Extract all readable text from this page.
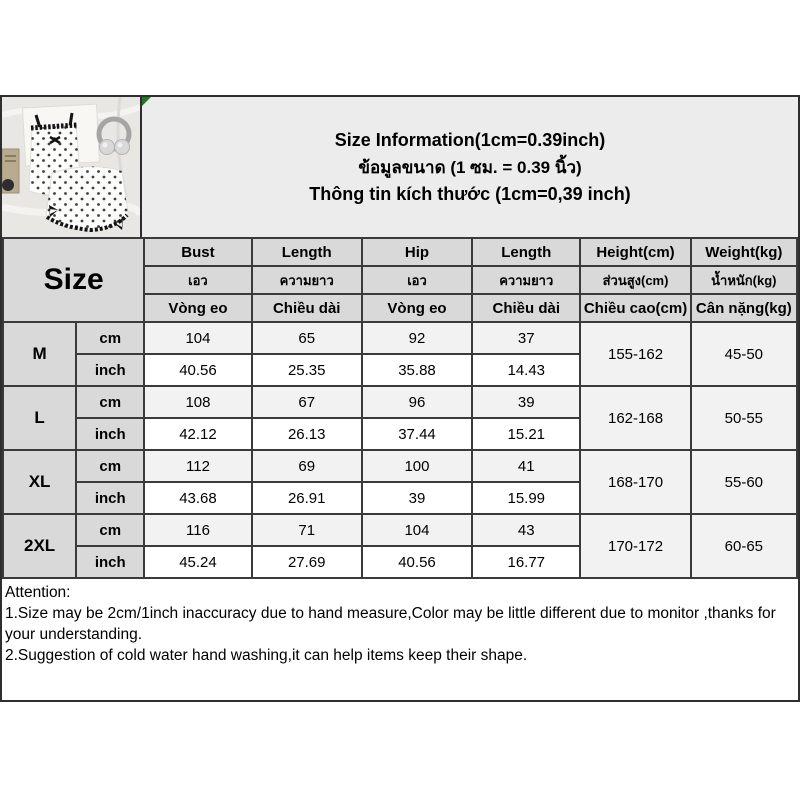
Size Information(1cm=0.39inch)
ข้อมูลขนาด (1 ซม. = 0.39 นิ้ว)
Thông tin kích thước (1cm=0,39 inch)
Size		Bust	Length	Hip	Length	Height(cm)	Weight(kg)
		เอว	ความยาว	เอว	ความยาว	ส่วนสูง(cm)	น้ำหนัก(kg)
		Vòng eo	Chiều dài	Vòng eo	Chiều dài	Chiều cao(cm)	Cân nặng(kg)
M	cm	104	65	92	37	155-162	45-50
	inch	40.56	25.35	35.88	14.43		
L	cm	108	67	96	39	162-168	50-55
	inch	42.12	26.13	37.44	15.21		
XL	cm	112	69	100	41	168-170	55-60
	inch	43.68	26.91	39	15.99		
2XL	cm	116	71	104	43	170-172	60-65
	inch	45.24	27.69	40.56	16.77		
Attention:
1.Size may be 2cm/1inch inaccuracy due to hand measure,Color may be little different due to monitor ,thanks for your understanding.
2.Suggestion of cold water hand washing,it can help items keep their shape.
